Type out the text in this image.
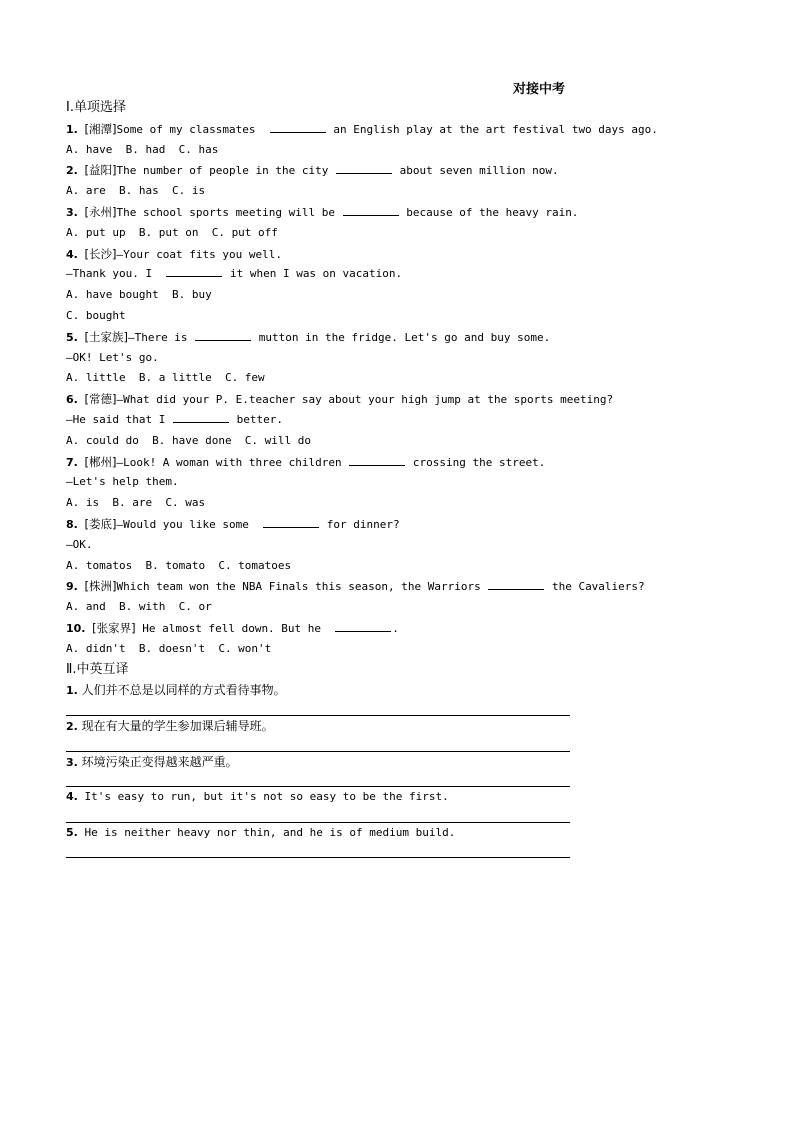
对接中考
Ⅰ.单项选择
1. [湘潭]Some of my classmates	an English play at the art festival two days ago.
A. have  B. had  C. has
2. [益阳]The number of people in the city	about seven million now.
A. are  B. has  C. is
3. [永州]The school sports meeting will be	because of the heavy rain.
A. put up  B. put on  C. put off
4. [长沙]—Your coat fits you well.
—Thank you. I	it when I was on vacation.
A. have bought  B. buy
C. bought
5. [土家族]—There is	mutton in the fridge. Let's go and buy some.
—OK! Let's go.
A. little  B. a little  C. few
6. [常德]—What did your P. E.teacher say about your high jump at the sports meeting?
—He said that I	better.
A. could do  B. have done  C. will do
7. [郴州]—Look! A woman with three children	crossing the street.
—Let's help them.
A. is  B. are  C. was
8. [娄底]—Would you like some	for dinner?
—OK.
A. tomatos  B. tomato  C. tomatoes
9. [株洲]Which team won the NBA Finals this season, the Warriors	the Cavaliers?
A. and  B. with  C. or
10. [张家界] He almost fell down. But he	.
A. didn't  B. doesn't  C. won't
Ⅱ.中英互译
1. 人们并不总是以同样的方式看待事物。
2. 现在有大量的学生参加课后辅导班。
3. 环境污染正变得越来越严重。
4. It's easy to run, but it's not so easy to be the first.
5. He is neither heavy nor thin, and he is of medium build.
